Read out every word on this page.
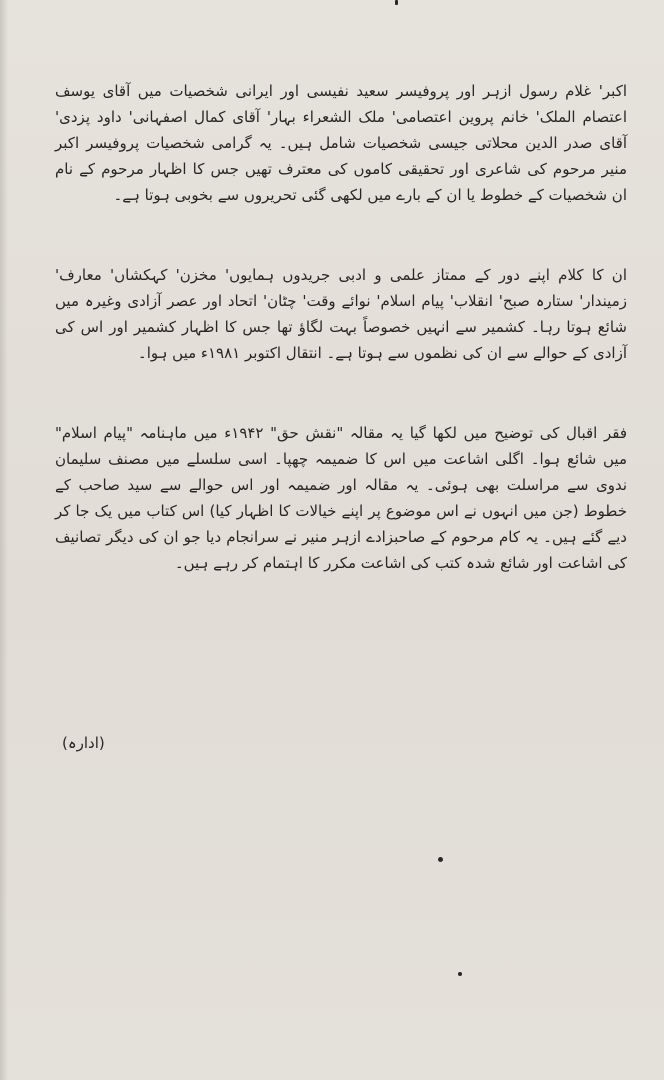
اکبر' غلام رسول ازہر اور پروفیسر سعید نفیسی اور ایرانی شخصیات میں آقای یوسف اعتصام الملک' خانم پروین اعتصامی' ملک الشعراء بہار' آقای کمال اصفہانی' داود پزدی' آقای صدر الدین محلاتی جیسی شخصیات شامل ہیں۔ یہ گرامی شخصیات پروفیسر اکبر منیر مرحوم کی شاعری اور تحقیقی کاموں کی معترف تھیں جس کا اظہار مرحوم کے نام ان شخصیات کے خطوط یا ان کے بارے میں لکھی گئی تحریروں سے بخوبی ہوتا ہے۔

ان کا کلام اپنے دور کے ممتاز علمی و ادبی جریدوں ہمایوں' مخزن' کہکشاں' معارف' زمیندار' ستارہ صبح' انقلاب' پیام اسلام' نوائے وقت' چٹان' اتحاد اور عصر آزادی وغیرہ میں شائع ہوتا رہا۔ کشمیر سے انہیں خصوصاً بہت لگاؤ تھا جس کا اظہار کشمیر اور اس کی آزادی کے حوالے سے ان کی نظموں سے ہوتا ہے۔ انتقال اکتوبر ۱۹۸۱ء میں ہوا۔

فقر اقبال کی توضیح میں لکھا گیا یہ مقالہ "نقش حق" ۱۹۴۲ء میں ماہنامہ "پیام اسلام" میں شائع ہوا۔ اگلی اشاعت میں اس کا ضمیمہ چھپا۔ اسی سلسلے میں مصنف سلیمان ندوی سے مراسلت بھی ہوئی۔ یہ مقالہ اور ضمیمہ اور اس حوالے سے سید صاحب کے خطوط (جن میں انہوں نے اس موضوع پر اپنے خیالات کا اظہار کیا) اس کتاب میں یک جا کر دیے گئے ہیں۔ یہ کام مرحوم کے صاحبزادے ازہر منیر نے سرانجام دیا جو ان کی دیگر تصانیف کی اشاعت اور شائع شدہ کتب کی اشاعت مکرر کا اہتمام کر رہے ہیں۔

(ادارہ)
